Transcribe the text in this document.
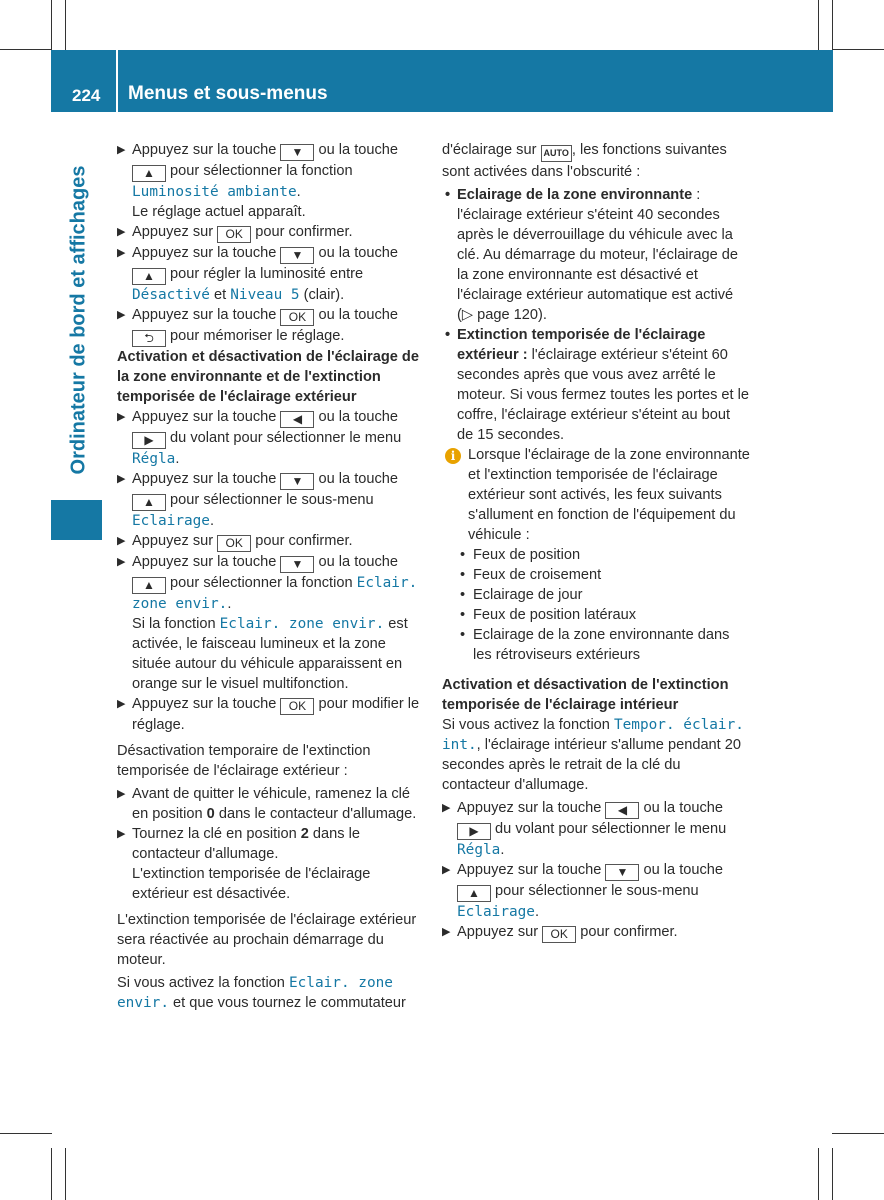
224 Menus et sous-menus
Ordinateur de bord et affichages

▶ Appuyez sur la touche ▼ ou la touche ▲ pour sélectionner la fonction Luminosité ambiante.
Le réglage actuel apparaît.

▶ Appuyez sur OK pour confirmer.

▶ Appuyez sur la touche ▼ ou la touche ▲ pour régler la luminosité entre Désactivé et Niveau 5 (clair).

▶ Appuyez sur la touche OK ou la touche ⮌ pour mémoriser le réglage.

Activation et désactivation de l'éclairage de la zone environnante et de l'extinction temporisée de l'éclairage extérieur

▶ Appuyez sur la touche ◀ ou la touche ▶ du volant pour sélectionner le menu Régla.

▶ Appuyez sur la touche ▼ ou la touche ▲ pour sélectionner le sous-menu Eclairage.

▶ Appuyez sur OK pour confirmer.

▶ Appuyez sur la touche ▼ ou la touche ▲ pour sélectionner la fonction Eclair. zone envir..
Si la fonction Eclair. zone envir. est activée, le faisceau lumineux et la zone située autour du véhicule apparaissent en orange sur le visuel multifonction.

▶ Appuyez sur la touche OK pour modifier le réglage.

Désactivation temporaire de l'extinction temporisée de l'éclairage extérieur :

▶ Avant de quitter le véhicule, ramenez la clé en position 0 dans le contacteur d'allumage.

▶ Tournez la clé en position 2 dans le contacteur d'allumage.
L'extinction temporisée de l'éclairage extérieur est désactivée.

L'extinction temporisée de l'éclairage extérieur sera réactivée au prochain démarrage du moteur.

Si vous activez la fonction Eclair. zone envir. et que vous tournez le commutateur

d'éclairage sur AUTO , les fonctions suivantes sont activées dans l'obscurité :

• Eclairage de la zone environnante : l'éclairage extérieur s'éteint 40 secondes après le déverrouillage du véhicule avec la clé. Au démarrage du moteur, l'éclairage de la zone environnante est désactivé et l'éclairage extérieur automatique est activé (▷ page 120).

• Extinction temporisée de l'éclairage extérieur : l'éclairage extérieur s'éteint 60 secondes après que vous avez arrêté le moteur. Si vous fermez toutes les portes et le coffre, l'éclairage extérieur s'éteint au bout de 15 secondes.

i Lorsque l'éclairage de la zone environnante et l'extinction temporisée de l'éclairage extérieur sont activés, les feux suivants s'allument en fonction de l'équipement du véhicule :

• Feux de position

• Feux de croisement

• Eclairage de jour

• Feux de position latéraux

• Eclairage de la zone environnante dans les rétroviseurs extérieurs

Activation et désactivation de l'extinction temporisée de l'éclairage intérieur

Si vous activez la fonction Tempor. éclair. int., l'éclairage intérieur s'allume pendant 20 secondes après le retrait de la clé du contacteur d'allumage.

▶ Appuyez sur la touche ◀ ou la touche ▶ du volant pour sélectionner le menu Régla.

▶ Appuyez sur la touche ▼ ou la touche ▲ pour sélectionner le sous-menu Eclairage.

▶ Appuyez sur OK pour confirmer.
